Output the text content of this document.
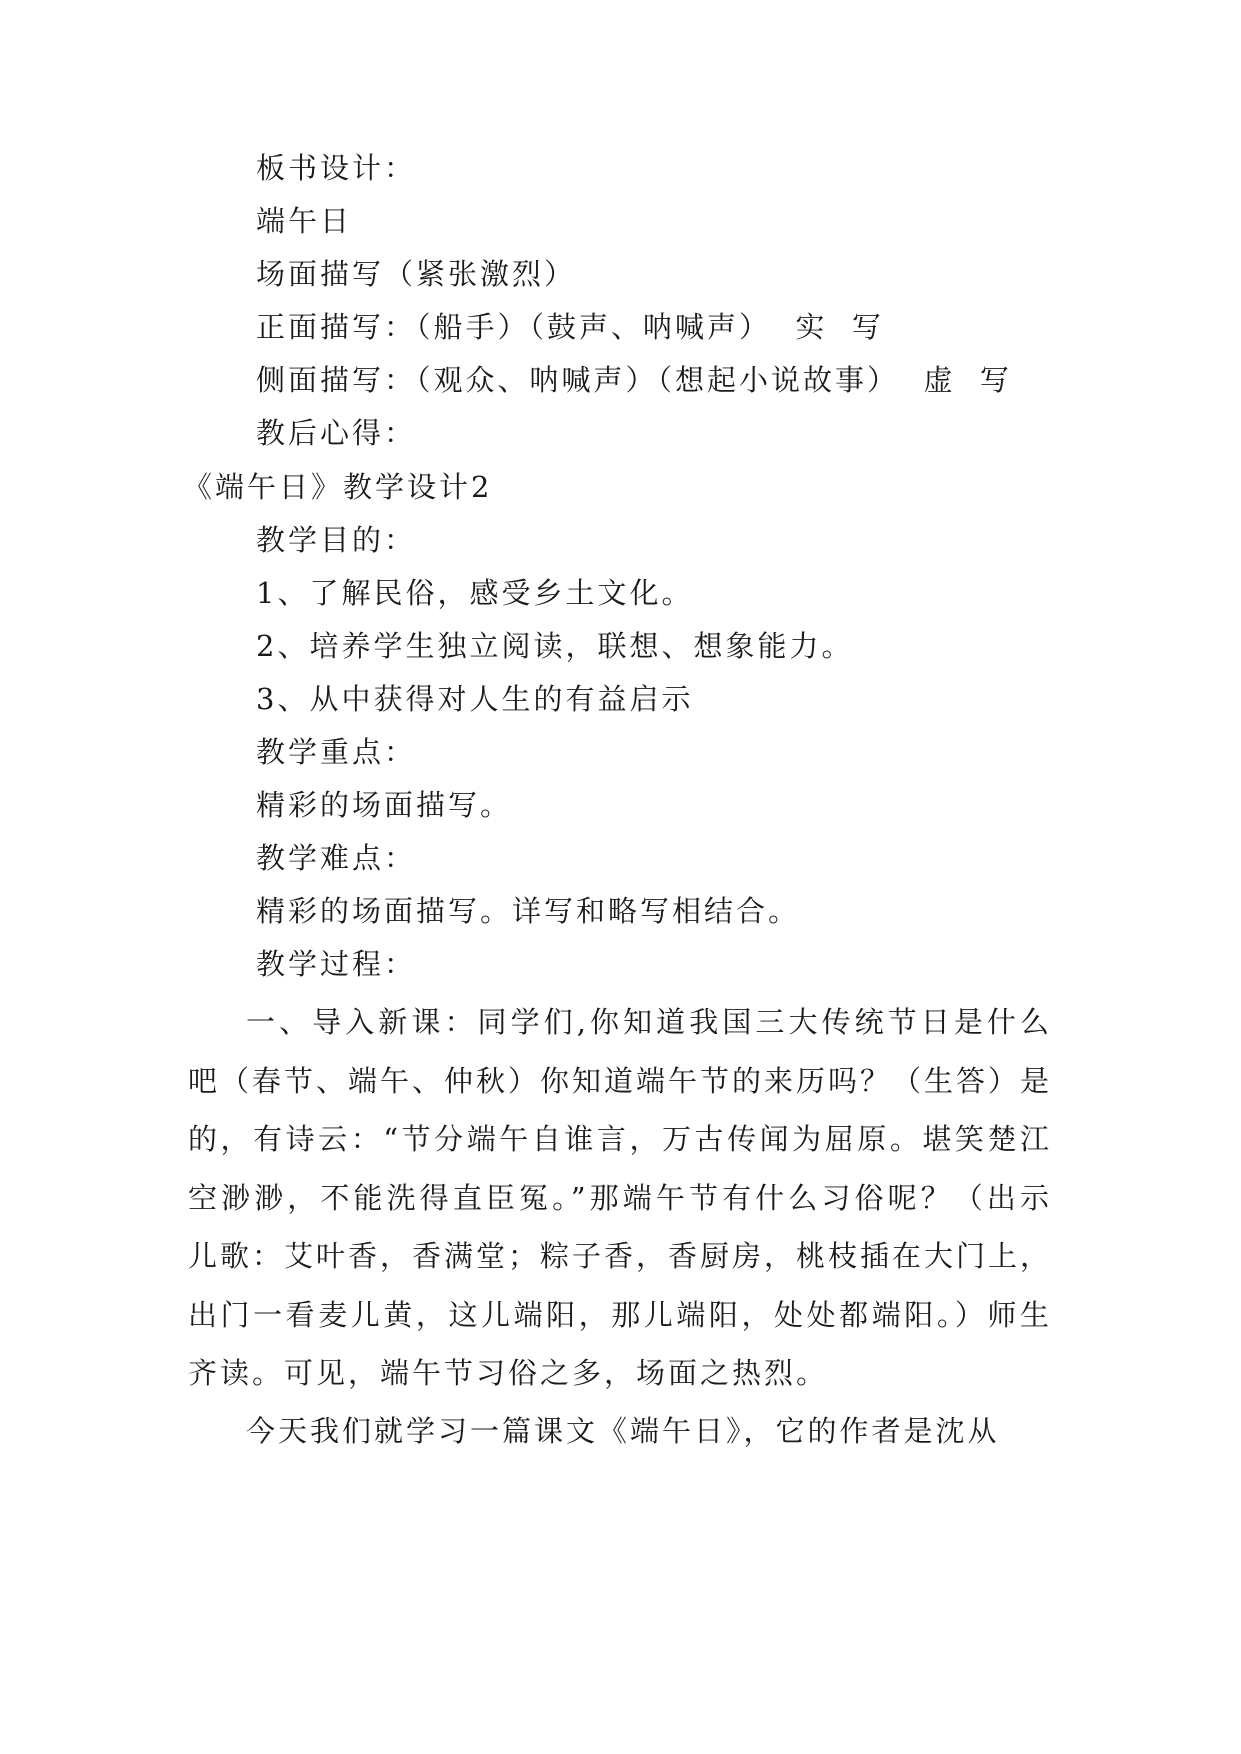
板书设计：
端午日
场面描写（紧张激烈）
正面描写：（船手）（鼓声、呐喊声）  实  写
侧面描写：（观众、呐喊声）（想起小说故事）  虚  写
教后心得：
《端午日》教学设计2
教学目的：
1、了解民俗，感受乡土文化。
2、培养学生独立阅读，联想、想象能力。
3、从中获得对人生的有益启示
教学重点：
精彩的场面描写。
教学难点：
精彩的场面描写。详写和略写相结合。
教学过程：
一、导入新课：同学们,你知道我国三大传统节日是什么吧（春节、端午、仲秋）你知道端午节的来历吗？（生答）是的，有诗云：“节分端午自谁言，万古传闻为屈原。堪笑楚江空渺渺，不能洗得直臣冤。”那端午节有什么习俗呢？（出示儿歌：艾叶香，香满堂；粽子香，香厨房，桃枝插在大门上，出门一看麦儿黄，这儿端阳，那儿端阳，处处都端阳。）师生齐读。可见，端午节习俗之多，场面之热烈。
今天我们就学习一篇课文《端午日》，它的作者是沈从
